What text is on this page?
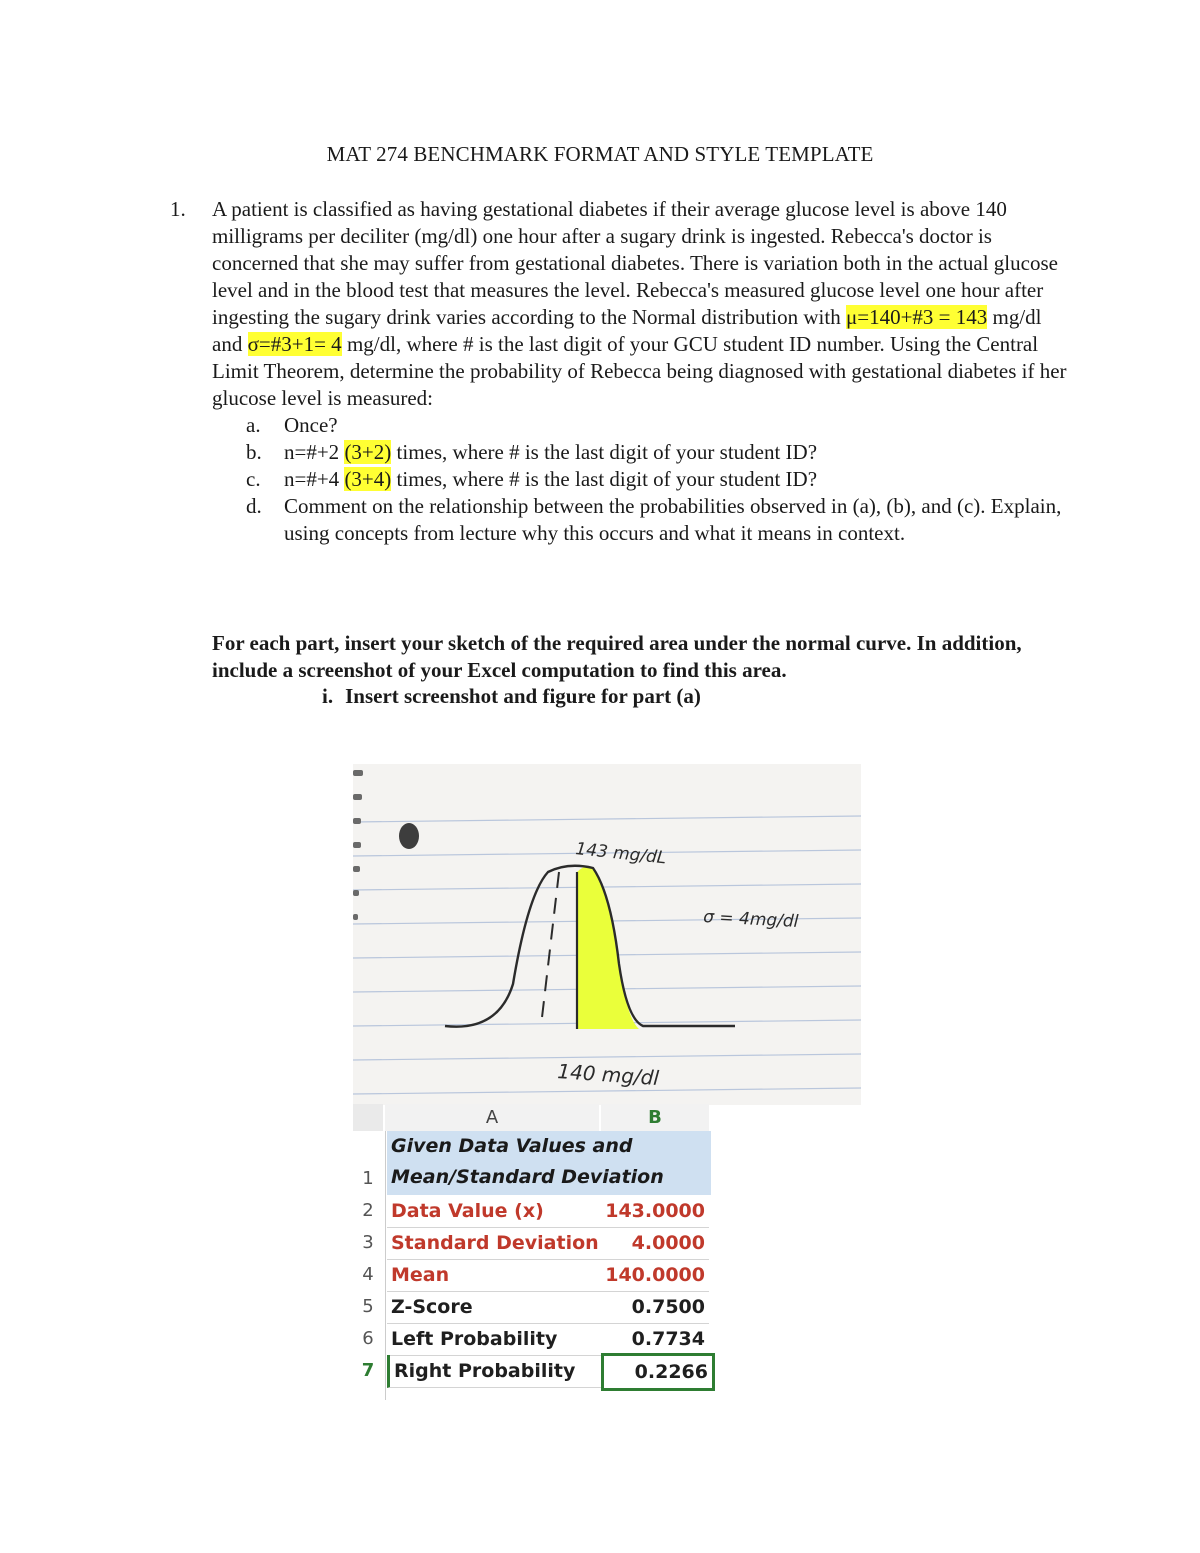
MAT 274 BENCHMARK FORMAT AND STYLE TEMPLATE
1. A patient is classified as having gestational diabetes if their average glucose level is above 140 milligrams per deciliter (mg/dl) one hour after a sugary drink is ingested. Rebecca's doctor is concerned that she may suffer from gestational diabetes. There is variation both in the actual glucose level and in the blood test that measures the level. Rebecca's measured glucose level one hour after ingesting the sugary drink varies according to the Normal distribution with μ=140+#3 = 143 mg/dl and σ=#3+1= 4 mg/dl, where # is the last digit of your GCU student ID number. Using the Central Limit Theorem, determine the probability of Rebecca being diagnosed with gestational diabetes if her glucose level is measured:

a. Once?
b. n=#+2 (3+2) times, where # is the last digit of your student ID?
c. n=#+4 (3+4) times, where # is the last digit of your student ID?
d. Comment on the relationship between the probabilities observed in (a), (b), and (c). Explain, using concepts from lecture why this occurs and what it means in context.
For each part, insert your sketch of the required area under the normal curve. In addition, include a screenshot of your Excel computation to find this area.
i. Insert screenshot and figure for part (a)
143 mg/dL
σ = 4mg/dl
140 mg/dl
A	B
Given Data Values and
Mean/Standard Deviation
1
2 Data Value (x)	143.0000
3 Standard Deviation	4.0000
4 Mean	140.0000
5 Z-Score	0.7500
6 Left Probability	0.7734
7	Right Probability	0.2266
